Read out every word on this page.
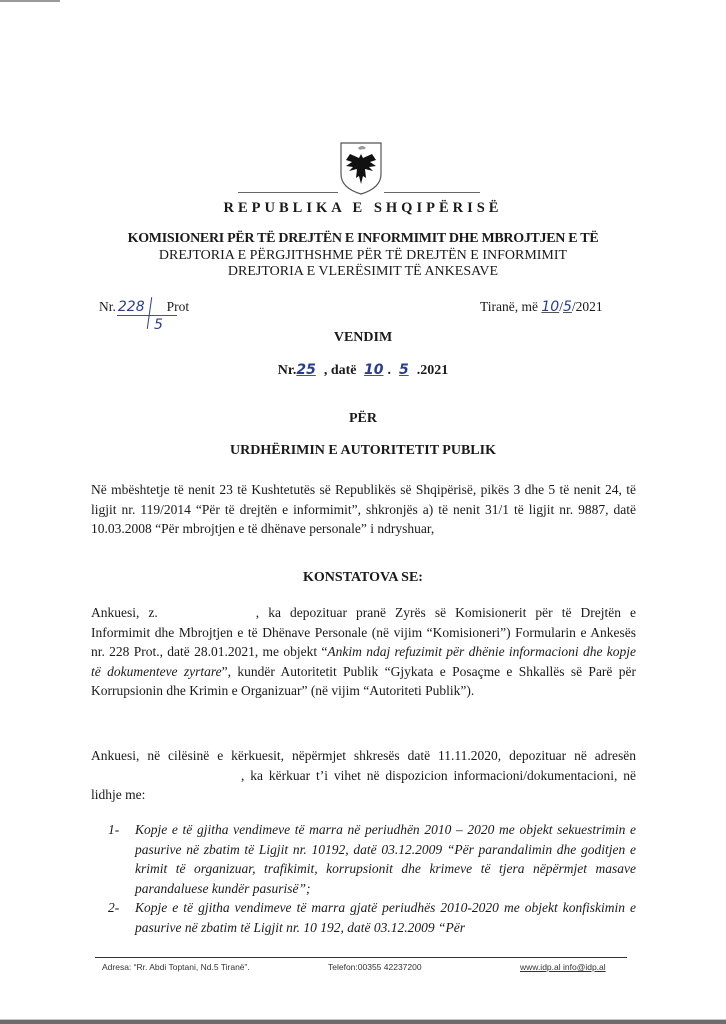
REPUBLIKA E SHQIPËRISË
KOMISIONERI PËR TË DREJTËN E INFORMIMIT DHE MBROJTJEN E TË
DREJTORIA E PËRGJITHSHME PËR TË DREJTËN E INFORMIMIT
DREJTORIA E VLERËSIMIT TË ANKESAVE
Nr. 228 Prot
5
Tiranë, më 10/5/2021
VENDIM
Nr.25 , datë 10 . 5 .2021
PËR
URDHËRIMIN E AUTORITETIT PUBLIK

Në mbështetje të nenit 23 të Kushtetutës së Republikës së Shqipërisë, pikës 3 dhe 5 të nenit 24, të ligjit nr. 119/2014 “Për të drejtën e informimit”, shkronjës a) të nenit 31/1 të ligjit nr. 9887, datë 10.03.2008 “Për mbrojtjen e të dhënave personale” i ndryshuar,

KONSTATOVA SE:

Ankuesi, z.	, ka depozituar pranë Zyrës së Komisionerit për të Drejtën e Informimit dhe Mbrojtjen e të Dhënave Personale (në vijim “Komisioneri”) Formularin e Ankesës nr. 228 Prot., datë 28.01.2021, me objekt “Ankim ndaj refuzimit për dhënie informacioni dhe kopje të dokumenteve zyrtare”, kundër Autoritetit Publik “Gjykata e Posaçme e Shkallës së Parë për Korrupsionin dhe Krimin e Organizuar” (në vijim “Autoriteti Publik”).

Ankuesi, në cilësinë e kërkuesit, nëpërmjet shkresës datë 11.11.2020, depozituar në adresën, ka kërkuar t’i vihet në dispozicion informacioni/dokumentacioni, në lidhje me:

1-	Kopje e të gjitha vendimeve të marra në periudhën 2010 – 2020 me objekt sekuestrimin e pasurive në zbatim të Ligjit nr. 10192, datë 03.12.2009 “Për parandalimin dhe goditjen e krimit të organizuar, trafikimit, korrupsionit dhe krimeve të tjera nëpërmjet masave parandaluese kundër pasurisë”;
2-	Kopje e të gjitha vendimeve të marra gjatë periudhës 2010-2020 me objekt konfiskimin e pasurive në zbatim të Ligjit nr. 10 192, datë 03.12.2009 “Për
Adresa: “Rr. Abdi Toptani, Nd.5 Tiranë”.	Telefon:00355 42237200	www.idp.al info@idp.al
